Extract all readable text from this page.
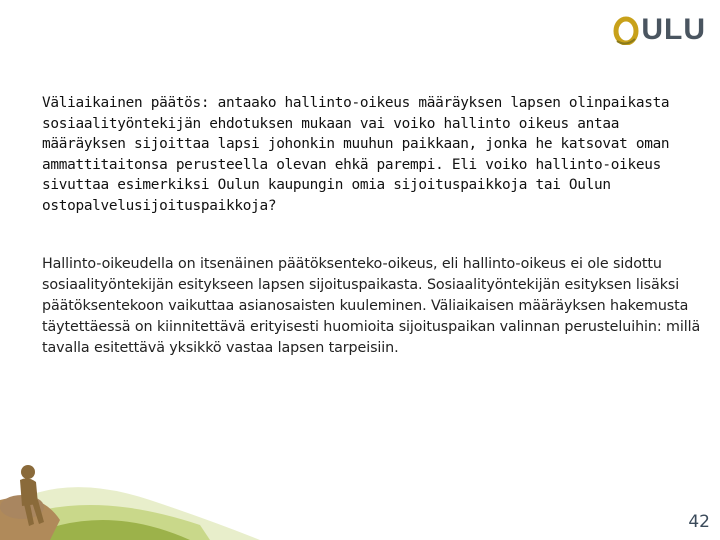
ULU

Väliaikainen päätös: antaako hallinto-oikeus määräyksen lapsen olinpaikasta sosiaalityöntekijän ehdotuksen mukaan vai voiko hallinto oikeus antaa määräyksen sijoittaa lapsi johonkin muuhun paikkaan, jonka he katsovat oman ammattitaitonsa perusteella olevan ehkä parempi. Eli voiko hallinto-oikeus sivuttaa esimerkiksi Oulun kaupungin omia sijoituspaikkoja tai Oulun ostopalvelusijoituspaikkoja?

Hallinto-oikeudella on itsenäinen päätöksenteko-oikeus, eli hallinto-oikeus ei ole sidottu sosiaalityöntekijän esitykseen lapsen sijoituspaikasta. Sosiaalityöntekijän esityksen lisäksi päätöksentekoon vaikuttaa asianosaisten kuuleminen. Väliaikaisen määräyksen hakemusta täytettäessä on kiinnitettävä erityisesti huomioita sijoituspaikan valinnan perusteluihin: millä tavalla esitettävä yksikkö vastaa lapsen tarpeisiin.

42
